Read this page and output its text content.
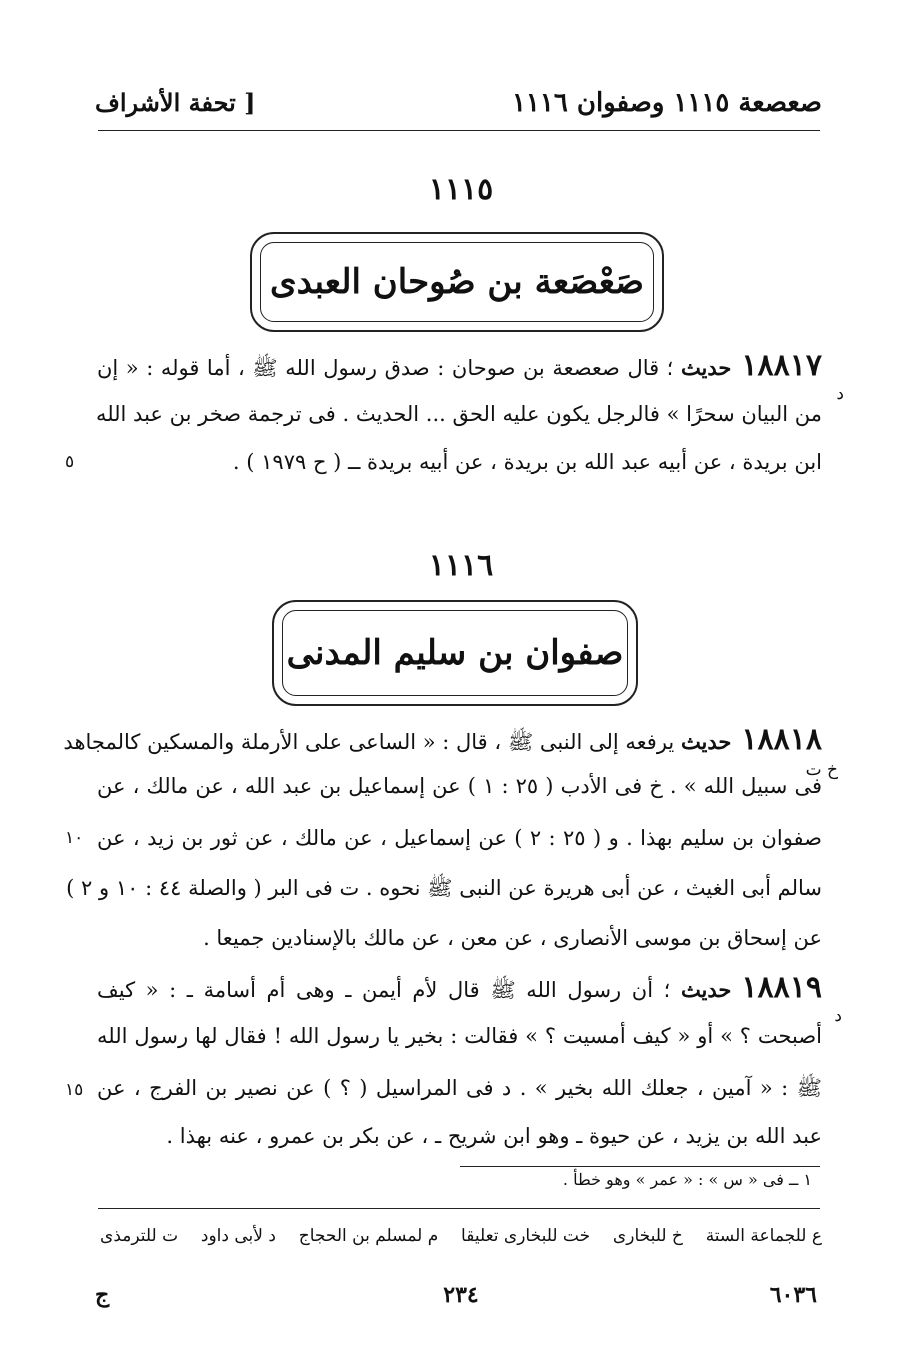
صعصعة ١١١٥ وصفوان ١١١٦
[ تحفة الأشراف
١١١٥
صَعْصَعة بن صُوحان العبدى
١٨٨١٧حديث ؛ قال صعصعة بن صوحان : صدق رسول الله ﷺ ، أما قوله : « إن
د
من البيان سحرًا » فالرجل يكون عليه الحق ... الحديث . فى ترجمة صخر بن عبد الله
ابن بريدة ، عن أبيه عبد الله بن بريدة ، عن أبيه بريدة ــ ( ح ١٩٧٩ ) .
٥
١١١٦
صفوان بن سليم المدنى
١٨٨١٨حديث يرفعه إلى النبى ﷺ ، قال : « الساعى على الأرملة والمسكين كالمجاهد
خ ت
فى سبيل الله » . خ فى الأدب ( ٢٥ : ١ ) عن إسماعيل بن عبد الله ، عن مالك ، عن
صفوان بن سليم بهذا . و ( ٢٥ : ٢ ) عن إسماعيل ، عن مالك ، عن ثور بن زيد ، عن
١٠
سالم أبى الغيث ، عن أبى هريرة عن النبى ﷺ نحوه . ت فى البر ( والصلة ٤٤ : ١٠ و ٢ )
عن إسحاق بن موسى الأنصارى ، عن معن ، عن مالك بالإسنادين جميعا .
١٨٨١٩حديث ؛ أن رسول الله ﷺ قال لأم أيمن ـ وهى أم أسامة ـ : « كيف
د
أصبحت ؟ » أو « كيف أمسيت ؟ » فقالت : بخير يا رسول الله ! فقال لها رسول الله
ﷺ : « آمين ، جعلك الله بخير » . د فى المراسيل ( ؟ ) عن نصير بن الفرج ، عن
١٥
عبد الله بن يزيد ، عن حيوة ـ وهو ابن شريح ـ ، عن بكر بن عمرو ، عنه بهذا .
١ ــ فى « س » : « عمر » وهو خطأ .
ع للجماعة الستة
خ للبخارى
خت للبخارى تعليقا
م لمسلم بن الحجاج
د لأبى داود
ت للترمذى
ج	٢٣٤	٦٠٣٦
